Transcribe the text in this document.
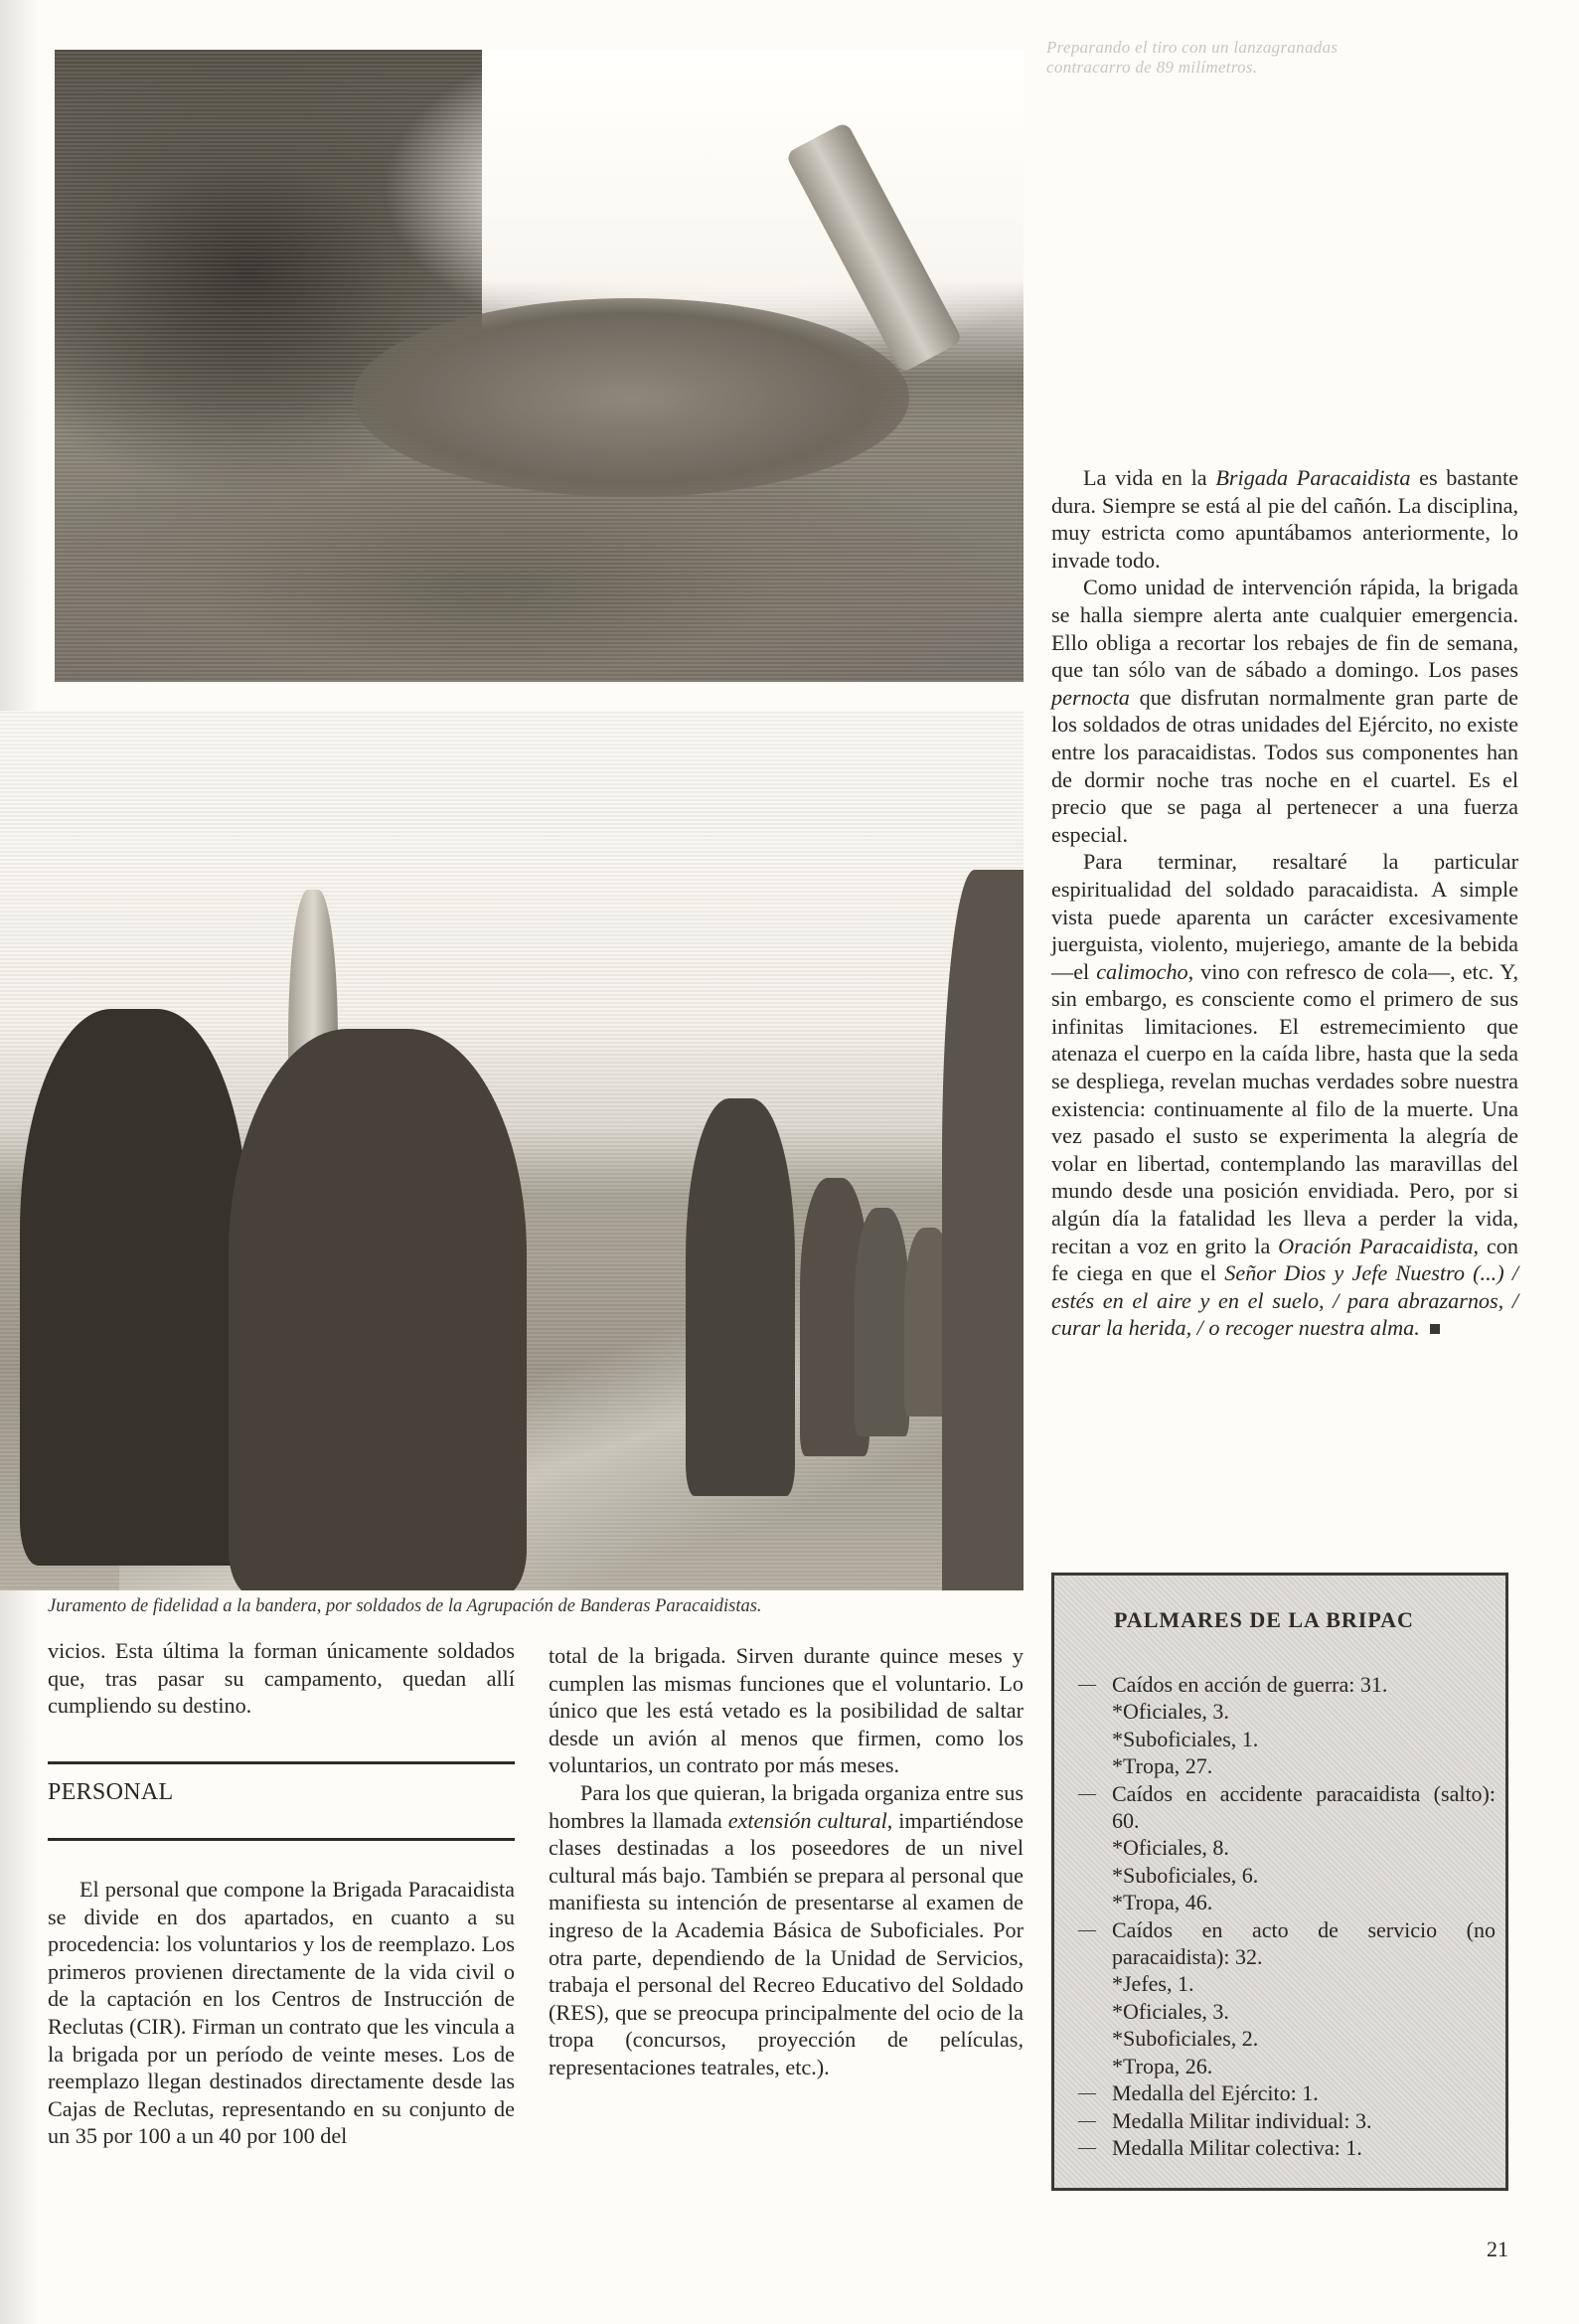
Preparando el tiro con un lanzagranadas contracarro de 89 milímetros.
Juramento de fidelidad a la bandera, por soldados de la Agrupación de Banderas Paracaidistas.

La vida en la Brigada Paracaidista es bastante dura. Siempre se está al pie del cañón. La disciplina, muy estricta como apuntábamos anteriormente, lo invade todo.

Como unidad de intervención rápida, la brigada se halla siempre alerta ante cualquier emergencia. Ello obliga a recortar los rebajes de fin de semana, que tan sólo van de sábado a domingo. Los pases pernocta que disfrutan normalmente gran parte de los soldados de otras unidades del Ejército, no existe entre los paracaidistas. Todos sus componentes han de dormir noche tras noche en el cuartel. Es el precio que se paga al pertenecer a una fuerza especial.

Para terminar, resaltaré la particular espiritualidad del soldado paracaidista. A simple vista puede aparenta un carácter excesivamente juerguista, violento, mujeriego, amante de la bebida —el calimocho, vino con refresco de cola—, etc. Y, sin embargo, es consciente como el primero de sus infinitas limitaciones. El estremecimiento que atenaza el cuerpo en la caída libre, hasta que la seda se despliega, revelan muchas verdades sobre nuestra existencia: continuamente al filo de la muerte. Una vez pasado el susto se experimenta la alegría de volar en libertad, contemplando las maravillas del mundo desde una posición envidiada. Pero, por si algún día la fatalidad les lleva a perder la vida, recitan a voz en grito la Oración Paracaidista, con fe ciega en que el Señor Dios y Jefe Nuestro (...) / estés en el aire y en el suelo, / para abrazarnos, / curar la herida, / o recoger nuestra alma.

vicios. Esta última la forman únicamente soldados que, tras pasar su campamento, quedan allí cumpliendo su destino.

PERSONAL

El personal que compone la Brigada Paracaidista se divide en dos apartados, en cuanto a su procedencia: los voluntarios y los de reemplazo. Los primeros provienen directamente de la vida civil o de la captación en los Centros de Instrucción de Reclutas (CIR). Firman un contrato que les vincula a la brigada por un período de veinte meses. Los de reemplazo llegan destinados directamente desde las Cajas de Reclutas, representando en su conjunto de un 35 por 100 a un 40 por 100 del

total de la brigada. Sirven durante quince meses y cumplen las mismas funciones que el voluntario. Lo único que les está vetado es la posibilidad de saltar desde un avión al menos que firmen, como los voluntarios, un contrato por más meses.

Para los que quieran, la brigada organiza entre sus hombres la llamada extensión cultural, impartiéndose clases destinadas a los poseedores de un nivel cultural más bajo. También se prepara al personal que manifiesta su intención de presentarse al examen de ingreso de la Academia Básica de Suboficiales. Por otra parte, dependiendo de la Unidad de Servicios, trabaja el personal del Recreo Educativo del Soldado (RES), que se preocupa principalmente del ocio de la tropa (concursos, proyección de películas, representaciones teatrales, etc.).

PALMARES DE LA BRIPAC
— Caídos en acción de guerra: 31.
*Oficiales, 3.
*Suboficiales, 1.
*Tropa, 27.
— Caídos en accidente paracaidista (salto): 60.
*Oficiales, 8.
*Suboficiales, 6.
*Tropa, 46.
— Caídos en acto de servicio (no paracaidista): 32.
*Jefes, 1.
*Oficiales, 3.
*Suboficiales, 2.
*Tropa, 26.
— Medalla del Ejército: 1.
— Medalla Militar individual: 3.
— Medalla Militar colectiva: 1.
21
